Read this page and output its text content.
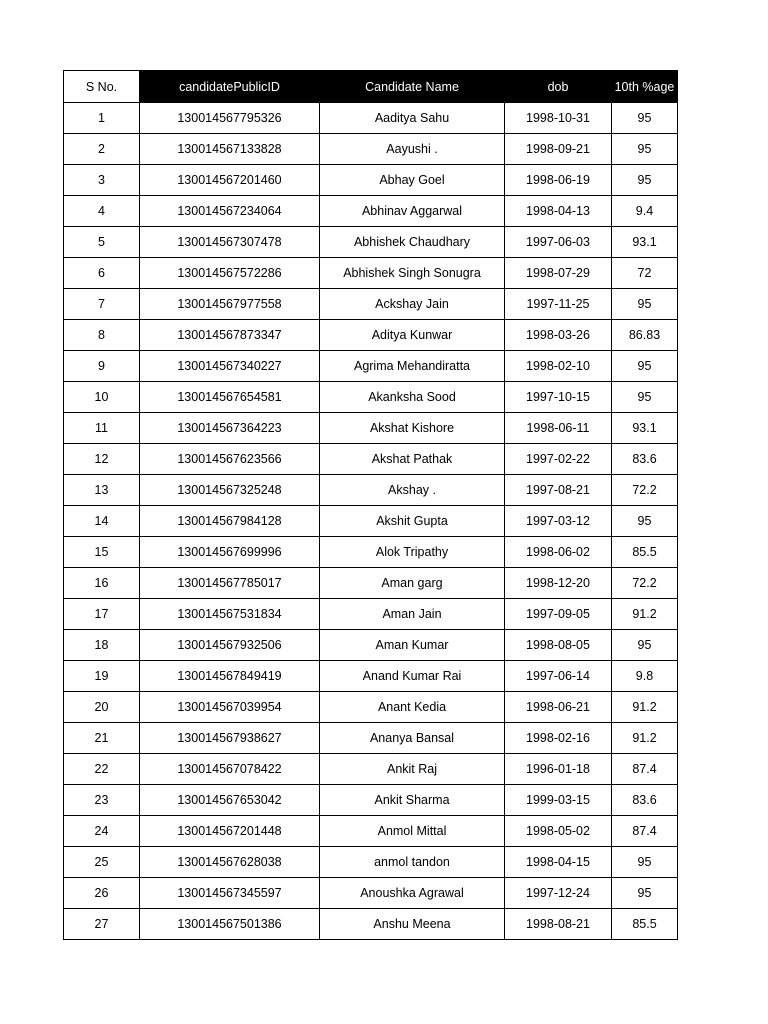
S No.	candidatePublicID	Candidate Name	dob	10th %age
1	130014567795326	Aaditya Sahu	1998-10-31	95
2	130014567133828	Aayushi .	1998-09-21	95
3	130014567201460	Abhay Goel	1998-06-19	95
4	130014567234064	Abhinav Aggarwal	1998-04-13	9.4
5	130014567307478	Abhishek Chaudhary	1997-06-03	93.1
6	130014567572286	Abhishek Singh Sonugra	1998-07-29	72
7	130014567977558	Ackshay Jain	1997-11-25	95
8	130014567873347	Aditya Kunwar	1998-03-26	86.83
9	130014567340227	Agrima Mehandiratta	1998-02-10	95
10	130014567654581	Akanksha Sood	1997-10-15	95
11	130014567364223	Akshat Kishore	1998-06-11	93.1
12	130014567623566	Akshat Pathak	1997-02-22	83.6
13	130014567325248	Akshay .	1997-08-21	72.2
14	130014567984128	Akshit Gupta	1997-03-12	95
15	130014567699996	Alok Tripathy	1998-06-02	85.5
16	130014567785017	Aman garg	1998-12-20	72.2
17	130014567531834	Aman Jain	1997-09-05	91.2
18	130014567932506	Aman Kumar	1998-08-05	95
19	130014567849419	Anand Kumar Rai	1997-06-14	9.8
20	130014567039954	Anant Kedia	1998-06-21	91.2
21	130014567938627	Ananya Bansal	1998-02-16	91.2
22	130014567078422	Ankit Raj	1996-01-18	87.4
23	130014567653042	Ankit Sharma	1999-03-15	83.6
24	130014567201448	Anmol Mittal	1998-05-02	87.4
25	130014567628038	anmol tandon	1998-04-15	95
26	130014567345597	Anoushka Agrawal	1997-12-24	95
27	130014567501386	Anshu Meena	1998-08-21	85.5
